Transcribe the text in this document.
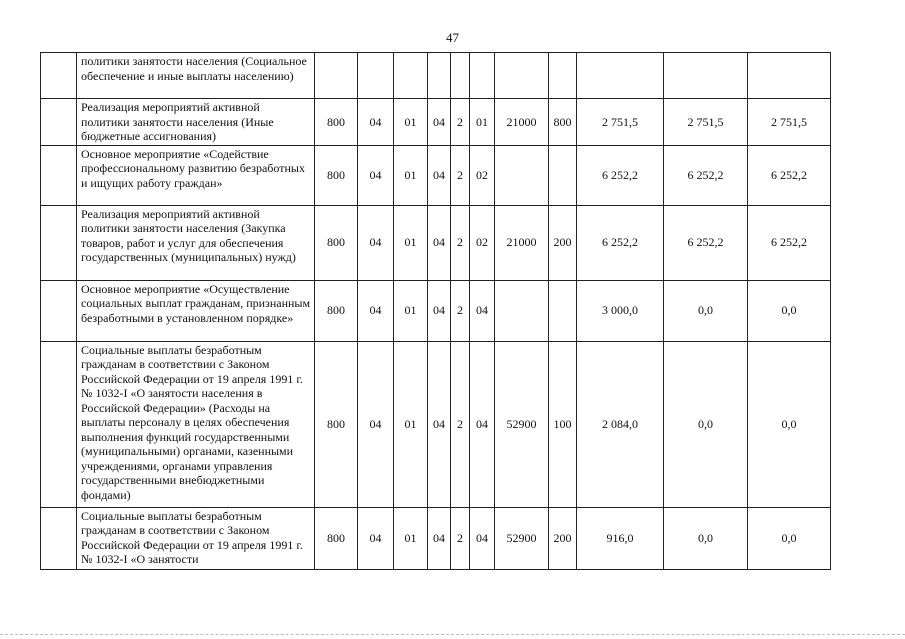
47
	политики занятости населения (Социальное обеспечение и иные выплаты населению)											
	Реализация мероприятий активной политики занятости населения (Иные бюджетные ассигнования)	800	04	01	04	2	01	21000	800	2 751,5	2 751,5	2 751,5
	Основное мероприятие «Содействие профессиональному развитию безработных и ищущих работу граждан»	800	04	01	04	2	02			6 252,2	6 252,2	6 252,2
	Реализация мероприятий активной политики занятости населения (Закупка товаров, работ и услуг для обеспечения государственных (муниципальных) нужд)	800	04	01	04	2	02	21000	200	6 252,2	6 252,2	6 252,2
	Основное мероприятие «Осуществление социальных выплат гражданам, признанным безработными в установленном порядке»	800	04	01	04	2	04			3 000,0	0,0	0,0
	Социальные выплаты безработным гражданам в соответствии с Законом Российской Федерации от 19 апреля 1991 г. № 1032-I «О занятости населения в Российской Федерации» (Расходы на выплаты персоналу в целях обеспечения выполнения функций государственными (муниципальными) органами, казенными учреждениями, органами управления государственными внебюджетными фондами)	800	04	01	04	2	04	52900	100	2 084,0	0,0	0,0
	Социальные выплаты безработным гражданам в соответствии с Законом Российской Федерации от 19 апреля 1991 г. № 1032-I «О занятости	800	04	01	04	2	04	52900	200	916,0	0,0	0,0
